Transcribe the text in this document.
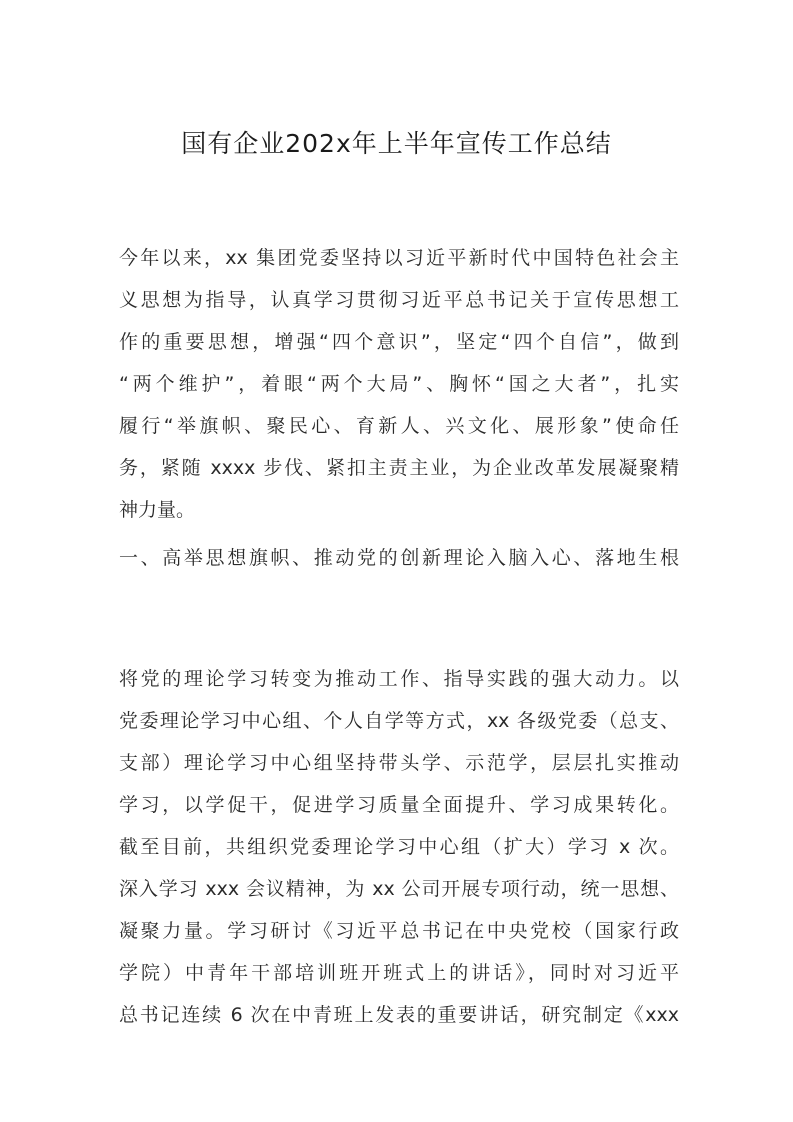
国有企业202x年上半年宣传工作总结
今年以来，xx 集团党委坚持以习近平新时代中国特色社会主
义思想为指导，认真学习贯彻习近平总书记关于宣传思想工
作的重要思想，增强“四个意识”，坚定“四个自信”，做到
“两个维护”，着眼“两个大局”、胸怀“国之大者”，扎实
履行“举旗帜、聚民心、育新人、兴文化、展形象”使命任
务，紧随 xxxx 步伐、紧扣主责主业，为企业改革发展凝聚精
神力量。
一、高举思想旗帜、推动党的创新理论入脑入心、落地生根
将党的理论学习转变为推动工作、指导实践的强大动力。以
党委理论学习中心组、个人自学等方式，xx 各级党委（总支、
支部）理论学习中心组坚持带头学、示范学，层层扎实推动
学习，以学促干，促进学习质量全面提升、学习成果转化。
截至目前，共组织党委理论学习中心组（扩大）学习 x 次。
深入学习 xxx 会议精神，为 xx 公司开展专项行动，统一思想、
凝聚力量。学习研讨《习近平总书记在中央党校（国家行政
学院）中青年干部培训班开班式上的讲话》，同时对习近平
总书记连续 6 次在中青班上发表的重要讲话，研究制定《xxx
